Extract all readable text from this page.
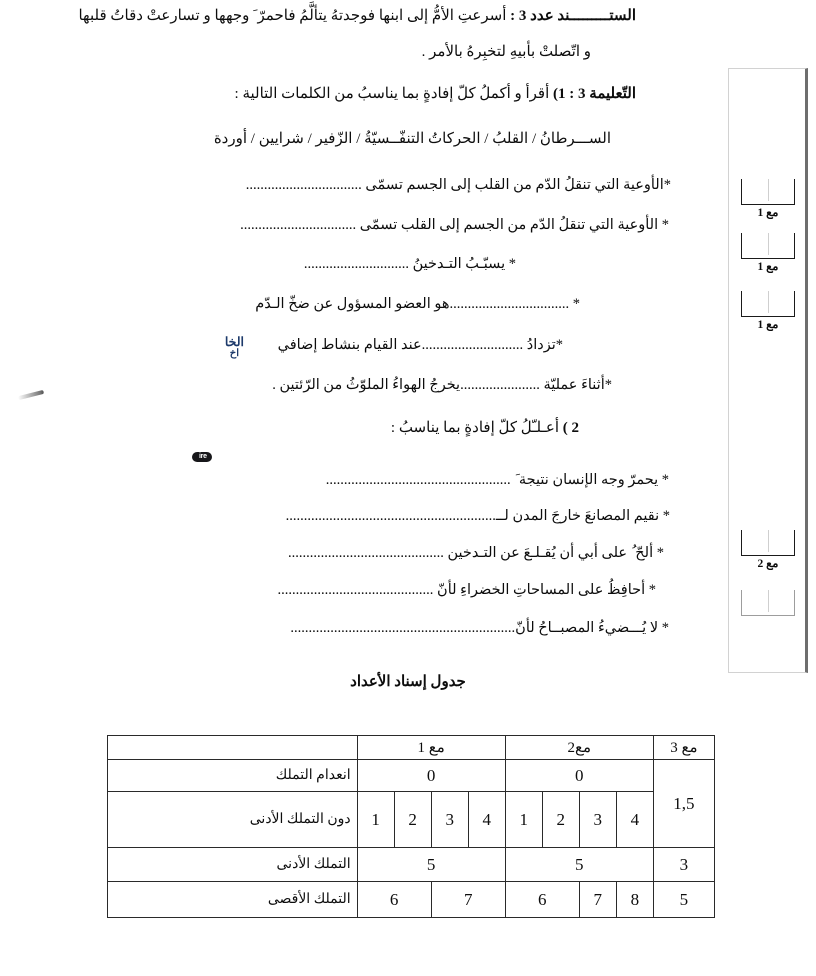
الستـــــــــند عدد 3 : أسرعتِ الأمُّ إلى ابنها فوجدتهُ يتألَّمُ فاحمرّ َ وجهها و تسارعتْ دقاتُ قلبها
و اتّصلتْ بأبيهِ لتخبِرهُ بالأمر .
التّعليمة 3 : 1) أقرأ و أكملُ كلّ إفادةٍ بما يناسبُ من الكلمات التالية :
الســـرطانُ / القلبُ / الحركاتُ التنفّــسيّةُ / الزّفير / شرايين / أوردة
*الأوعية التي تنقلُ الدّم من القلب إلى الجسم تسمّى ................................
* الأوعية التي تنقلُ الدّم من الجسم إلى القلب تسمّى ................................
* يسبّـبُ التـدخينُ .............................
* .................................هو العضو المسؤول عن ضخّ الـدّم
*تزدادُ ............................عند القيام بنشاط إضافي
*أثناءَ عمليّة ......................يخرجُ الهواءُ الملوّثُ من الرّئتين .
الخا
اخ
2 ) أعـلـّلُ كلّ إفادةٍ بما يناسبُ :
ire
* يحمرّ وجه الإنسان نتيجة َ ...................................................
* نقيم المصانعَ خارجَ المدن لــ..........................................................
* ألحّ ُ على أبي أن يُقـلـعَ عن التـدخين ...........................................
* أحافِظُ على المساحاتِ الخضراءِ لأنّ ...........................................
* لا يُـــضيءُ المصبــاحُ لأنّ..............................................................
مع 1
مع 1
مع 1
مع 2
جدول إسناد الأعداد
مع 3	مع2				مع 1				
1,5	0				0				انعدام التملك
	4	3	2	1	4	3	2	1	دون التملك الأدنى
3	5				5				التملك الأدنى
5	8	7	6		7		6		التملك الأقصى
